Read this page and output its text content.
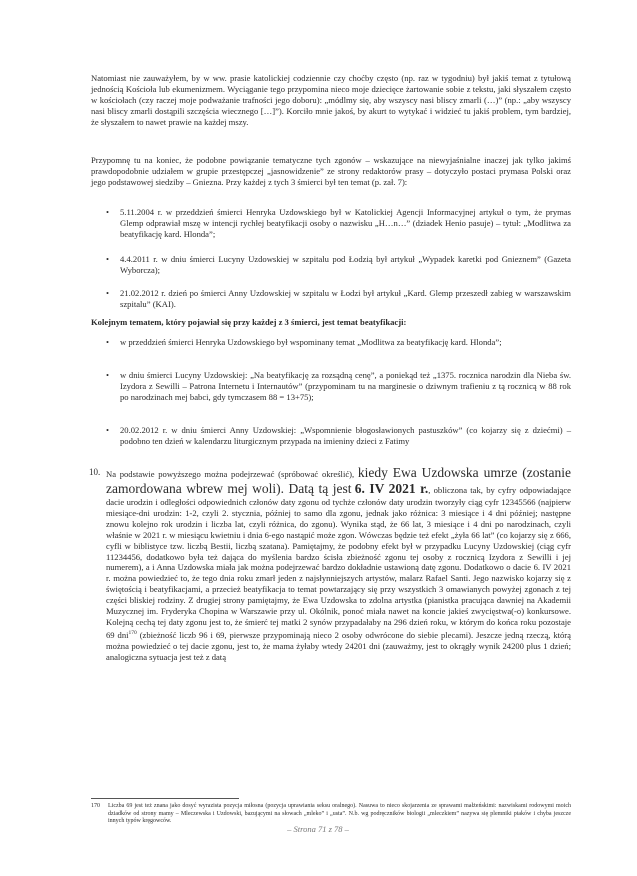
Natomiast nie zauważyłem, by w ww. prasie katolickiej codziennie czy choćby często (np. raz w tygodniu) był jakiś temat z tytułową jednością Kościoła lub ekumenizmem. Wyciąganie tego przypomina nieco moje dziecięce żartowanie sobie z tekstu, jaki słyszałem często w kościołach (czy raczej moje podważanie trafności jego doboru): „módlmy się, aby wszyscy nasi bliscy zmarli (…)” (np.: „aby wszyscy nasi bliscy zmarli dostąpili szczęścia wiecznego […]”). Korciło mnie jakoś, by akurt to wytykać i widzieć tu jakiś problem, tym bardziej, że słyszałem to nawet prawie na każdej mszy.

Przypomnę tu na koniec, że podobne powiązanie tematyczne tych zgonów – wskazujące na niewyjaśnialne inaczej jak tylko jakimś prawdopodobnie udziałem w grupie przestępczej „jasnowidzenie” ze strony redaktorów prasy – dotyczyło postaci prymasa Polski oraz jego podstawowej siedziby – Gniezna. Przy każdej z tych 3 śmierci był ten temat (p. zał. 7):

• 5.11.2004 r. w przeddzień śmierci Henryka Uzdowskiego był w Katolickiej Agencji Informacyjnej artykuł o tym, że prymas Glemp odprawiał mszę w intencji rychłej beatyfikacji osoby o nazwisku „H…n…” (dziadek Henio pasuje) – tytuł: „Modlitwa za beatyfikację kard. Hlonda”;

• 4.4.2011 r. w dniu śmierci Lucyny Uzdowskiej w szpitalu pod Łodzią był artykuł „Wypadek karetki pod Gnieznem” (Gazeta Wyborcza);

• 21.02.2012 r. dzień po śmierci Anny Uzdowskiej w szpitalu w Łodzi był artykuł „Kard. Glemp przeszedł zabieg w warszawskim szpitalu” (KAI).

Kolejnym tematem, który pojawiał się przy każdej z 3 śmierci, jest temat beatyfikacji:

• w przeddzień śmierci Henryka Uzdowskiego był wspominany temat „Modlitwa za beatyfikację kard. Hlonda”;

• w dniu śmierci Lucyny Uzdowskiej: „Na beatyfikację za rozsądną cenę”, a poniekąd też „1375. rocznica narodzin dla Nieba św. Izydora z Sewilli – Patrona Internetu i Internautów” (przypominam tu na marginesie o dziwnym trafieniu z tą rocznicą w 88 rok po narodzinach mej babci, gdy tymczasem 88 = 13+75);

• 20.02.2012 r. w dniu śmierci Anny Uzdowskiej: „Wspomnienie błogosławionych pastuszków” (co kojarzy się z dziećmi) – podobno ten dzień w kalendarzu liturgicznym przypada na imieniny dzieci z Fatimy

10. Na podstawie powyższego można podejrzewać (spróbować określić), kiedy Ewa Uzdowska umrze (zostanie zamordowana wbrew mej woli). Datą tą jest 6. IV 2021 r., obliczona tak, by cyfry odpowiadające dacie urodzin i odległości odpowiednich członów daty zgonu od tychże członów daty urodzin tworzyły ciąg cyfr 12345566 (najpierw miesiące-dni urodzin: 1-2, czyli 2. stycznia, później to samo dla zgonu, jednak jako różnica: 3 miesiące i 4 dni później; następne znowu kolejno rok urodzin i liczba lat, czyli różnica, do zgonu). Wynika stąd, że 66 lat, 3 miesiące i 4 dni po narodzinach, czyli właśnie w 2021 r. w miesiącu kwietniu i dnia 6-ego nastąpić może zgon. Wówczas będzie też efekt „żyła 66 lat” (co kojarzy się z 666, cyfli w biblistyce tzw. liczbą Bestii, liczbą szatana). Pamiętajmy, że podobny efekt był w przypadku Lucyny Uzdowskiej (ciąg cyfr 11234456, dodatkowo była też dająca do myślenia bardzo ścisła zbieżność zgonu tej osoby z rocznicą Izydora z Sewilli i jej numerem), a i Anna Uzdowska miała jak można podejrzewać bardzo dokładnie ustawioną datę zgonu. Dodatkowo o dacie 6. IV 2021 r. można powiedzieć to, że tego dnia roku zmarł jeden z najsłynniejszych artystów, malarz Rafael Santi. Jego nazwisko kojarzy się z świętością i beatyfikacjami, a przecież beatyfikacja to temat powtarzający się przy wszystkich 3 omawianych powyżej zgonach z tej części bliskiej rodziny. Z drugiej strony pamiętajmy, że Ewa Uzdowska to zdolna artystka (pianistka pracująca dawniej na Akademii Muzycznej im. Fryderyka Chopina w Warszawie przy ul. Okólnik, ponoć miała nawet na koncie jakieś zwycięstwa(-o) konkursowe. Kolejną cechą tej daty zgonu jest to, że śmierć tej matki 2 synów przypadałaby na 296 dzień roku, w którym do końca roku pozostaje 69 dni$^{170}$ (zbieżność liczb 96 i 69, pierwsze przypominają nieco 2 osoby odwrócone do siebie plecami). Jeszcze jedną rzeczą, którą można powiedzieć o tej dacie zgonu, jest to, że mama żyłaby wtedy 24201 dni (zauważmy, jest to okrągły wynik 24200 plus 1 dzień; analogiczna sytuacja jest też z datą

170 Liczba 69 jest też znana jako dosyć wyrazista pozycja miłosna (pozycja uprawiania seksu oralnego). Nasuwa to nieco skojarzenia ze sprawami małżeńskimi: nazwiskami rodowymi moich dziadków od strony mamy – Mleczewska i Uzdowski, bazującymi na słowach „mleko” i „usta”. N.b. wg podręczników biologii „mleczkiem” nazywa się plemniki ptaków i chyba jeszcze innych typów kręgowców.

– Strona 71 z 78 –
